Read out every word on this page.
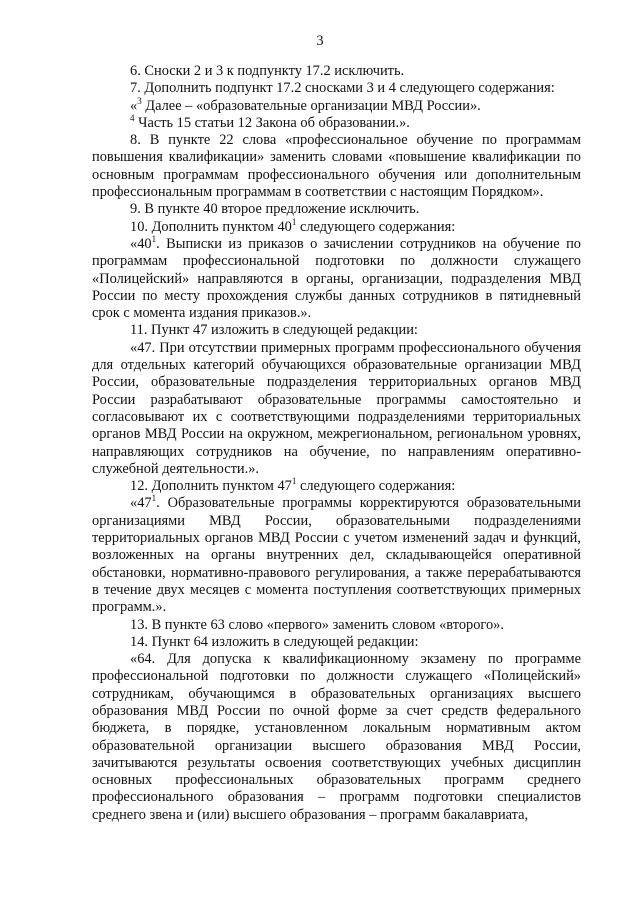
3

6. Сноски 2 и 3 к подпункту 17.2 исключить.

7. Дополнить подпункт 17.2 сносками 3 и 4 следующего содержания:

«$^3$ Далее – «образовательные организации МВД России».

$^4$ Часть 15 статьи 12 Закона об образовании.».

8. В пункте 22 слова «профессиональное обучение по программам повышения квалификации» заменить словами «повышение квалификации по основным программам профессионального обучения или дополнительным профессиональным программам в соответствии с настоящим Порядком».

9. В пункте 40 второе предложение исключить.

10. Дополнить пунктом $40^1$ следующего содержания:

«$40^1$. Выписки из приказов о зачислении сотрудников на обучение по программам профессиональной подготовки по должности служащего «Полицейский» направляются в органы, организации, подразделения МВД России по месту прохождения службы данных сотрудников в пятидневный срок с момента издания приказов.».

11. Пункт 47 изложить в следующей редакции:

«47. При отсутствии примерных программ профессионального обучения для отдельных категорий обучающихся образовательные организации МВД России, образовательные подразделения территориальных органов МВД России разрабатывают образовательные программы самостоятельно и согласовывают их с соответствующими подразделениями территориальных органов МВД России на окружном, межрегиональном, региональном уровнях, направляющих сотрудников на обучение, по направлениям оперативно-служебной деятельности.».

12. Дополнить пунктом $47^1$ следующего содержания:

«$47^1$. Образовательные программы корректируются образовательными организациями МВД России, образовательными подразделениями территориальных органов МВД России с учетом изменений задач и функций, возложенных на органы внутренних дел, складывающейся оперативной обстановки, нормативно-правового регулирования, а также перерабатываются в течение двух месяцев с момента поступления соответствующих примерных программ.».

13. В пункте 63 слово «первого» заменить словом «второго».

14. Пункт 64 изложить в следующей редакции:

«64. Для допуска к квалификационному экзамену по программе профессиональной подготовки по должности служащего «Полицейский» сотрудникам, обучающимся в образовательных организациях высшего образования МВД России по очной форме за счет средств федерального бюджета, в порядке, установленном локальным нормативным актом образовательной организации высшего образования МВД России, зачитываются результаты освоения соответствующих учебных дисциплин основных профессиональных образовательных программ среднего профессионального образования – программ подготовки специалистов среднего звена и (или) высшего образования – программ бакалавриата,
